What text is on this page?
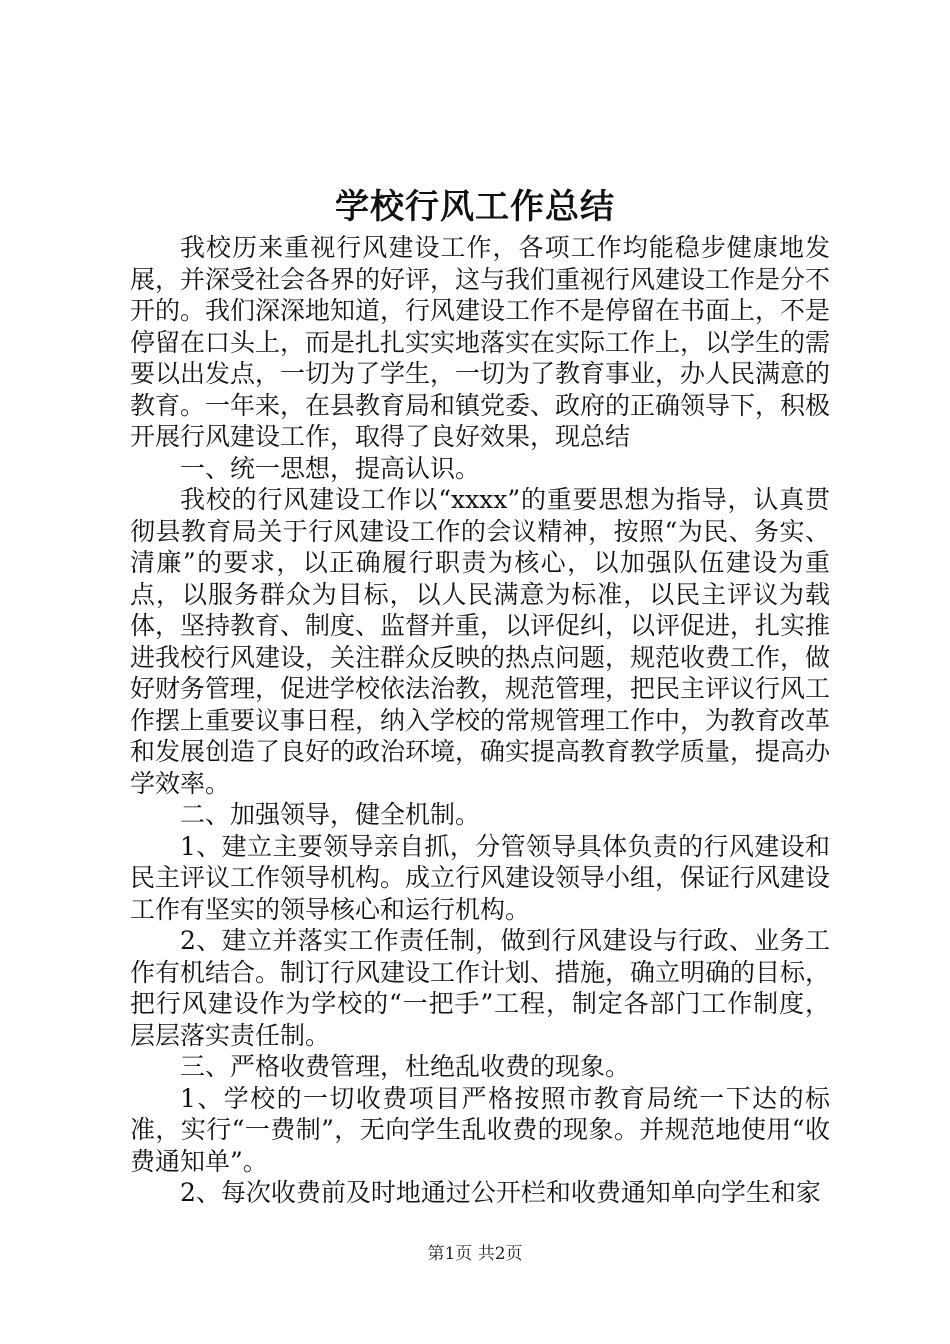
学校行风工作总结

我校历来重视行风建设工作，各项工作均能稳步健康地发展，并深受社会各界的好评，这与我们重视行风建设工作是分不开的。我们深深地知道，行风建设工作不是停留在书面上，不是停留在口头上，而是扎扎实实地落实在实际工作上，以学生的需要以出发点，一切为了学生，一切为了教育事业，办人民满意的教育。一年来，在县教育局和镇党委、政府的正确领导下，积极开展行风建设工作，取得了良好效果，现总结

一、统一思想，提高认识。

我校的行风建设工作以“xxxx”的重要思想为指导，认真贯彻县教育局关于行风建设工作的会议精神，按照“为民、务实、清廉”的要求，以正确履行职责为核心，以加强队伍建设为重点，以服务群众为目标，以人民满意为标准，以民主评议为载体，坚持教育、制度、监督并重，以评促纠，以评促进，扎实推进我校行风建设，关注群众反映的热点问题，规范收费工作，做好财务管理，促进学校依法治教，规范管理，把民主评议行风工作摆上重要议事日程，纳入学校的常规管理工作中，为教育改革和发展创造了良好的政治环境，确实提高教育教学质量，提高办学效率。

二、加强领导，健全机制。

1、建立主要领导亲自抓，分管领导具体负责的行风建设和民主评议工作领导机构。成立行风建设领导小组，保证行风建设工作有坚实的领导核心和运行机构。

2、建立并落实工作责任制，做到行风建设与行政、业务工作有机结合。制订行风建设工作计划、措施，确立明确的目标，把行风建设作为学校的“一把手”工程，制定各部门工作制度，层层落实责任制。

三、严格收费管理，杜绝乱收费的现象。

1、学校的一切收费项目严格按照市教育局统一下达的标准，实行“一费制”，无向学生乱收费的现象。并规范地使用“收费通知单”。

2、每次收费前及时地通过公开栏和收费通知单向学生和家

第1页 共2页
